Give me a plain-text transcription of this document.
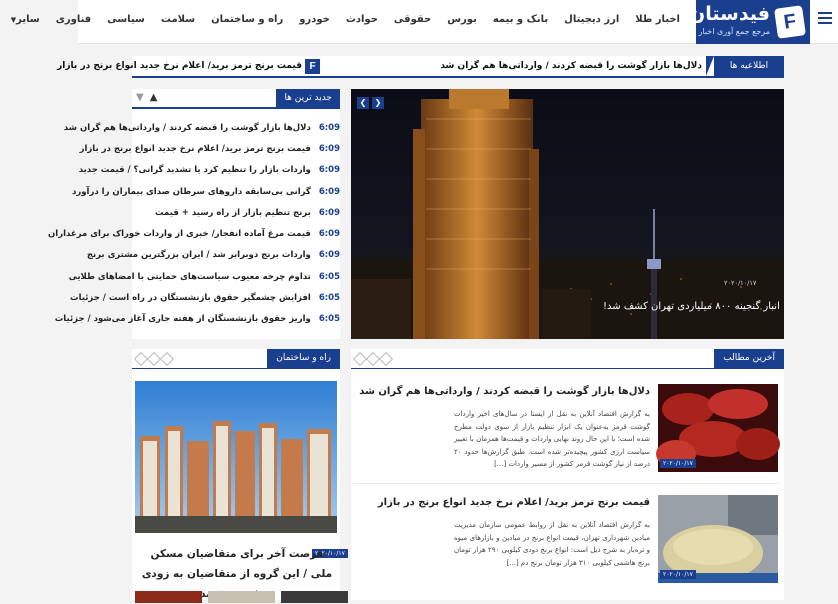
F
فیدستان
مرجع جمع آوری اخبار
اخبار طلا
ارز دیجیتال
بانک و بیمه
بورس
حقوقی
حوادث
خودرو
راه و ساختمان
سلامت
سیاسی
فناوری
سایر▼
اطلاعیه ها
دلال‌ها بازار گوشت را قبضه کردند / وارداتی‌ها هم گران شد
F
قیمت برنج ترمز برید/ اعلام نرخ جدید انواع برنج در بازار
جدید ترین ها
▲▼
6:09
دلال‌ها بازار گوشت را قبضه کردند / وارداتی‌ها هم گران شد
6:09
قیمت برنج ترمز برید/ اعلام نرخ جدید انواع برنج در بازار
6:09
واردات بازار را تنظیم کرد یا تشدید گرانی؟ / قیمت جدید
6:09
گرانی بی‌سابقه داروهای سرطان صدای بیماران را درآورد
6:09
برنج تنظیم بازار از راه رسید + قیمت
6:09
قیمت مرغ آماده انفجار/ خبری از واردات خوراک برای مرغداران
6:09
واردات برنج دوبرابر شد / ایران بزرگترین مشتری برنج
6:05
تداوم چرخه معیوب سیاست‌های حمایتی با امضاهای طلایی
6:05
افزایش چشمگیر حقوق بازنشستگان در راه است / جزئیات
6:05
واریز حقوق بازنشستگان از هفته جاری آغاز می‌شود / جزئیات
❮
❯
۲۰۲۰/۱۰/۱۷
انبار گنجینه ۸۰۰ میلیاردی تهران کشف شد!
راه و ساختمان
۲۰۲۰/۱۰/۱۷
فرصت آخر برای متقاضیان مسکن ملی / این گروه از متقاضیان به زودی
آخرین مطالب
۲۰۲۰/۱۰/۱۷
دلال‌ها بازار گوشت را قبضه کردند / وارداتی‌ها هم گران شد
به گزارش اقتصاد آنلاین به نقل از ایسنا در سال‌های اخیر واردات گوشت قرمز به‌عنوان یک ابزار تنظیم بازار از سوی دولت مطرح شده است؛ با این حال روند نهایی واردات و قیمت‌ها همزمان با تغییر سیاست ارزی کشور پیچیده‌تر شده است. طبق گزارش‌ها حدود ۲۰ درصد از نیاز گوشت قرمز کشور از مسیر واردات [...]
۲۰۲۰/۱۰/۱۷
قیمت برنج ترمز برید/ اعلام نرخ جدید انواع برنج در بازار
به گزارش اقتصاد آنلاین به نقل از روابط عمومی سازمان مدیریت میادین شهرداری تهران، قیمت انواع برنج در میادین و بازارهای میوه و تره‌بار به شرح ذیل است: انواع برنج دودی کیلویی ۲۹۰ هزار تومان برنج هاشمی کیلویی ۳۱۰ هزار تومان برنج دم [...]
